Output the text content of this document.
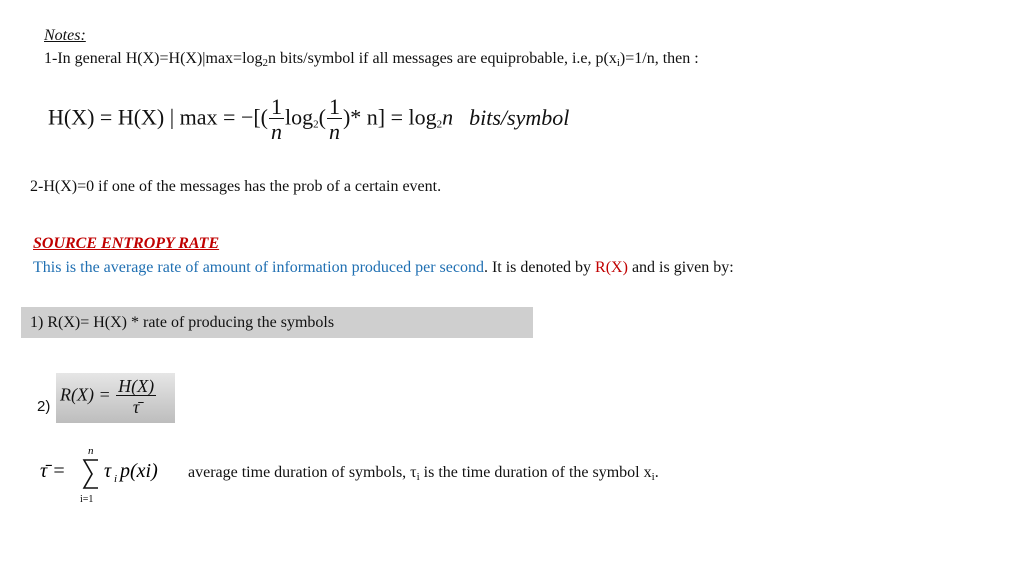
Notes:
1-In general $H(X)=H(X)|\max=\log_2n$ bits/symbol if all messages are equiprobable, i.e, $p(x_i)=1/n$, then :
H(X) = H(X) | max = −[( $\frac{1}{n} \log_2( \frac{1}{n}$ )* $n] = \log_2n$ bits/symbol
2-H(X)=0 if one of the messages has the prob of a certain event.
SOURCE ENTROPY RATE
This is the average rate of amount of information produced per second. It is denoted by R(X) and is given by:
1) R(X)= H(X) * rate of producing the symbols
2)
$R(X) = \frac{H(X)}{\taū}$
τ̄ =
n
i=1
τ i p(xi) average time duration of symbols, $\tau_i$ is the time duration of the symbol $x_i$.
